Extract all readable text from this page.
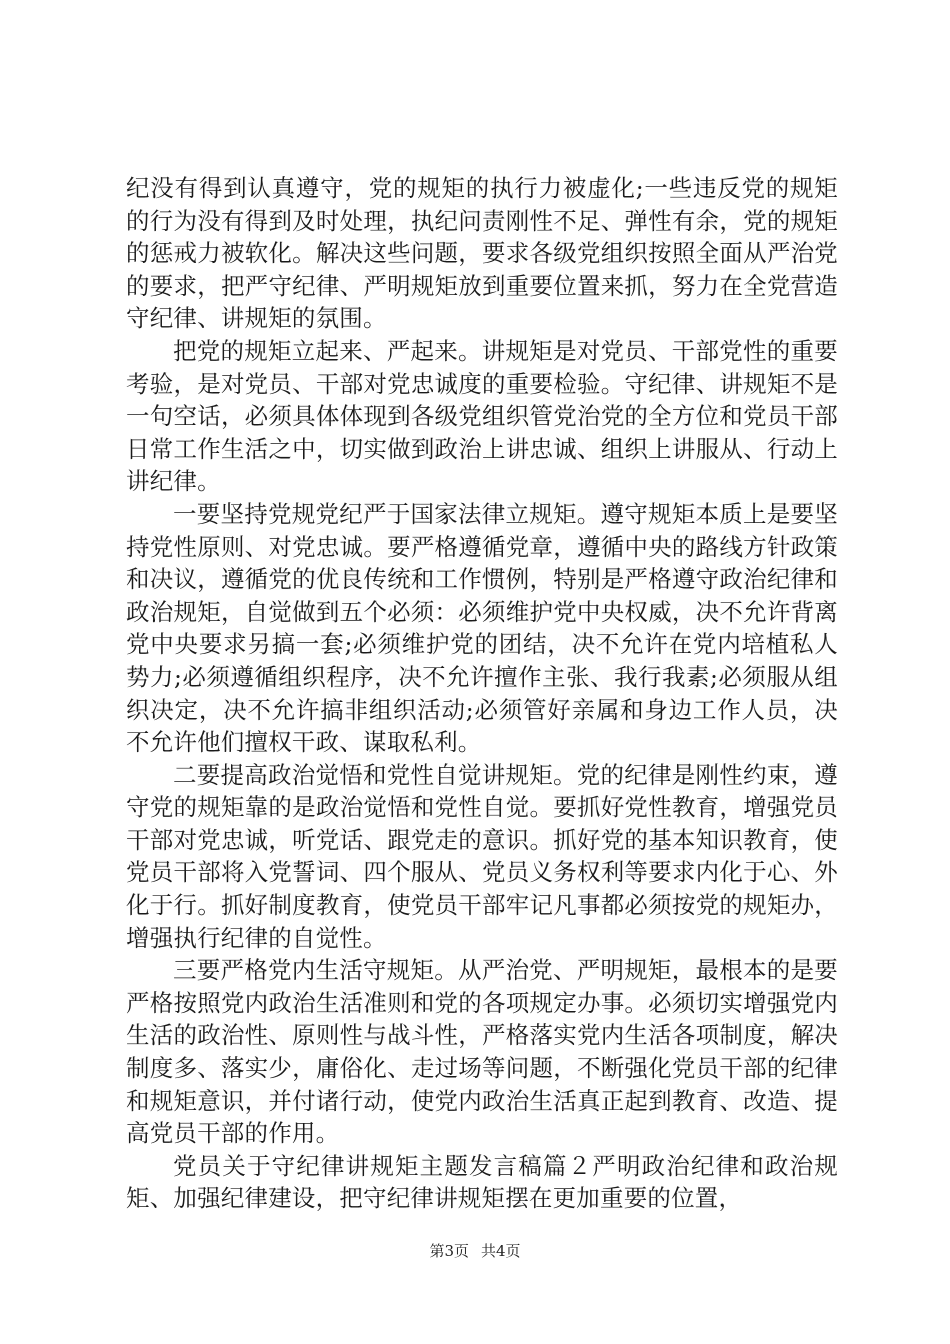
纪没有得到认真遵守，党的规矩的执行力被虚化;一些违反党的规矩的行为没有得到及时处理，执纪问责刚性不足、弹性有余，党的规矩的惩戒力被软化。解决这些问题，要求各级党组织按照全面从严治党的要求，把严守纪律、严明规矩放到重要位置来抓，努力在全党营造守纪律、讲规矩的氛围。

把党的规矩立起来、严起来。讲规矩是对党员、干部党性的重要考验，是对党员、干部对党忠诚度的重要检验。守纪律、讲规矩不是一句空话，必须具体体现到各级党组织管党治党的全方位和党员干部日常工作生活之中，切实做到政治上讲忠诚、组织上讲服从、行动上讲纪律。

一要坚持党规党纪严于国家法律立规矩。遵守规矩本质上是要坚持党性原则、对党忠诚。要严格遵循党章，遵循中央的路线方针政策和决议，遵循党的优良传统和工作惯例，特别是严格遵守政治纪律和政治规矩，自觉做到五个必须：必须维护党中央权威，决不允许背离党中央要求另搞一套;必须维护党的团结，决不允许在党内培植私人势力;必须遵循组织程序，决不允许擅作主张、我行我素;必须服从组织决定，决不允许搞非组织活动;必须管好亲属和身边工作人员，决不允许他们擅权干政、谋取私利。

二要提高政治觉悟和党性自觉讲规矩。党的纪律是刚性约束，遵守党的规矩靠的是政治觉悟和党性自觉。要抓好党性教育，增强党员干部对党忠诚，听党话、跟党走的意识。抓好党的基本知识教育，使党员干部将入党誓词、四个服从、党员义务权利等要求内化于心、外化于行。抓好制度教育，使党员干部牢记凡事都必须按党的规矩办，增强执行纪律的自觉性。

三要严格党内生活守规矩。从严治党、严明规矩，最根本的是要严格按照党内政治生活准则和党的各项规定办事。必须切实增强党内生活的政治性、原则性与战斗性，严格落实党内生活各项制度，解决制度多、落实少，庸俗化、走过场等问题，不断强化党员干部的纪律和规矩意识，并付诸行动，使党内政治生活真正起到教育、改造、提高党员干部的作用。

党员关于守纪律讲规矩主题发言稿篇２严明政治纪律和政治规矩、加强纪律建设，把守纪律讲规矩摆在更加重要的位置，

第3页 共4页
